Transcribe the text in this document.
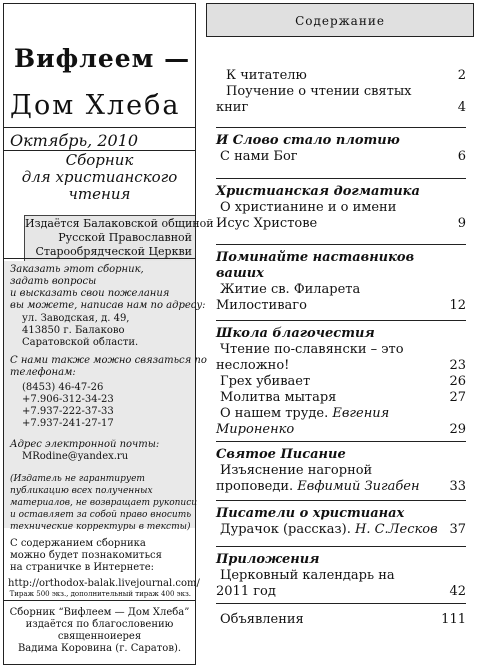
Вифлеем —
Дом Хлеба
Октябрь, 2010
Сборник
для христианского
чтения
Издаётся Балаковской общиной
Русской Православной
Старообрядческой Церкви
Заказать этот сборник,
задать вопросы
и высказать свои пожелания
вы можете, написав нам по адресу:
ул. Заводская, д. 49,
413850 г. Балаково
Саратовской области.
С нами также можно связаться по
телефонам:
(8453) 46-47-26
+7.906-312-34-23
+7.937-222-37-33
+7.937-241-27-17
Адрес электронной почты:
MRodine@yandex.ru
(Издатель не гарантирует
публикацию всех полученных
материалов, не возвращает рукописи
и оставляет за собой право вносить
технические корректуры в тексты)
С содержанием сборника
можно будет познакомиться
на страничке в Интернете:
http://orthodox-balak.livejournal.com/
Тираж 500 экз., дополнительный тираж 400 экз.
Сборник “Вифлеем — Дом Хлеба”
издаётся по благословению
священноиерея
Вадима Коровина (г. Саратов).
Содержание
К читателю	2
Поучение о чтении святых
книг	4
И Слово стало плотию
С нами Бог	6
Христианская догматика
О христианине и о имени
Исус Христове	9
Поминайте наставников
ваших
Житие св. Филарета
Милостиваго	12
Школа благочестия
Чтение по-славянски – это
несложно!	23
Грех убивает	26
Молитва мытаря	27
О нашем труде. Евгения
Мироненко	29
Святое Писание
Изъяснение нагорной
проповеди. Евфимий Зигабен 33
Писатели о христианах
Дурачок (рассказ). Н. С.Лесков 37
Приложения
Церковный календарь на
2011 год	42
Объявления	111
